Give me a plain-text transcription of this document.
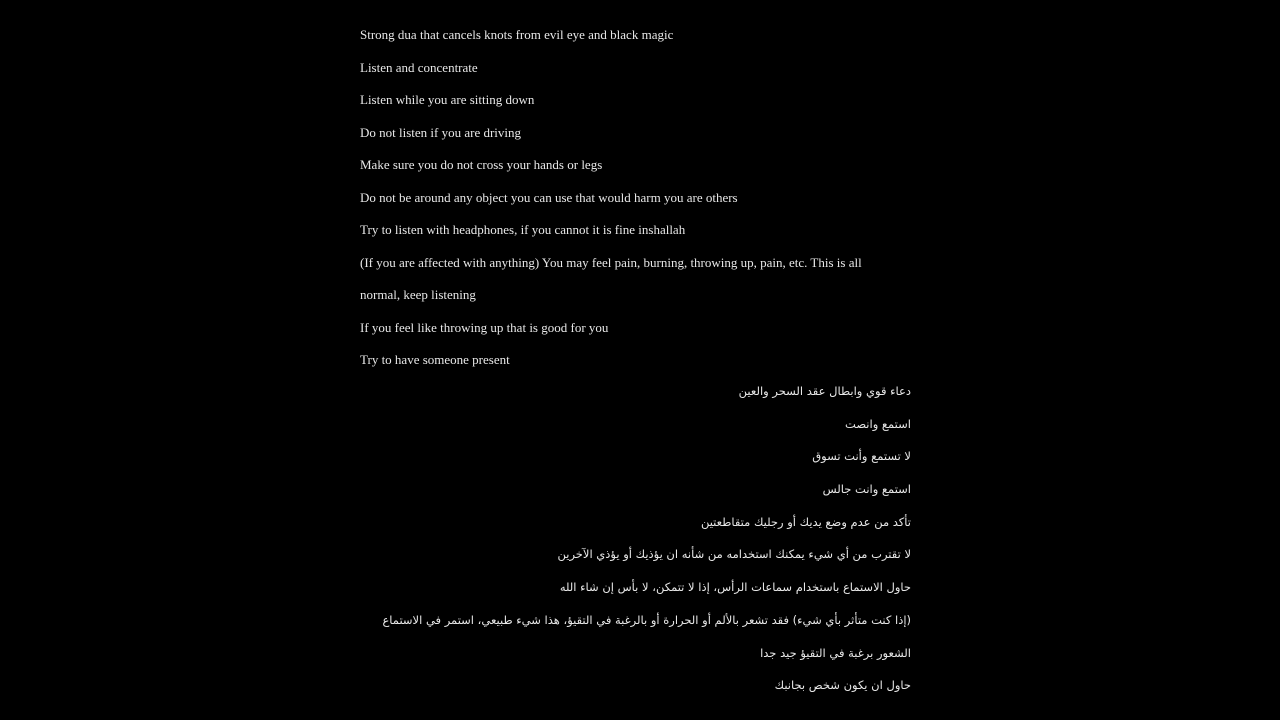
Strong dua that cancels knots from evil eye and black magic
Listen and concentrate
Listen while you are sitting down
Do not listen if you are driving
Make sure you do not cross your hands or legs
Do not be around any object you can use that would harm you are others
Try to listen with headphones, if you cannot it is fine inshallah
(If you are affected with anything) You may feel pain, burning, throwing up, pain, etc. This is all
normal, keep listening
If you feel like throwing up that is good for you
Try to have someone present
دعاء قوي وابطال عقد السحر والعين
استمع وانصت
لا تستمع وأنت تسوق
استمع وانت جالس
تأكد من عدم وضع يديك أو رجليك متقاطعتين
لا تقترب من أي شيء يمكنك استخدامه من شأنه ان يؤذيك أو يؤذي الآخرين
حاول الاستماع باستخدام سماعات الرأس، إذا لا تتمكن، لا بأس إن شاء الله
(إذا كنت متأثر بأي شيء) فقد تشعر بالألم أو الحرارة أو بالرغبة في التقيؤ، هذا شيء طبيعي، استمر في الاستماع
الشعور برغبة في التقيؤ جيد جدا
حاول ان يكون شخص بجانبك
